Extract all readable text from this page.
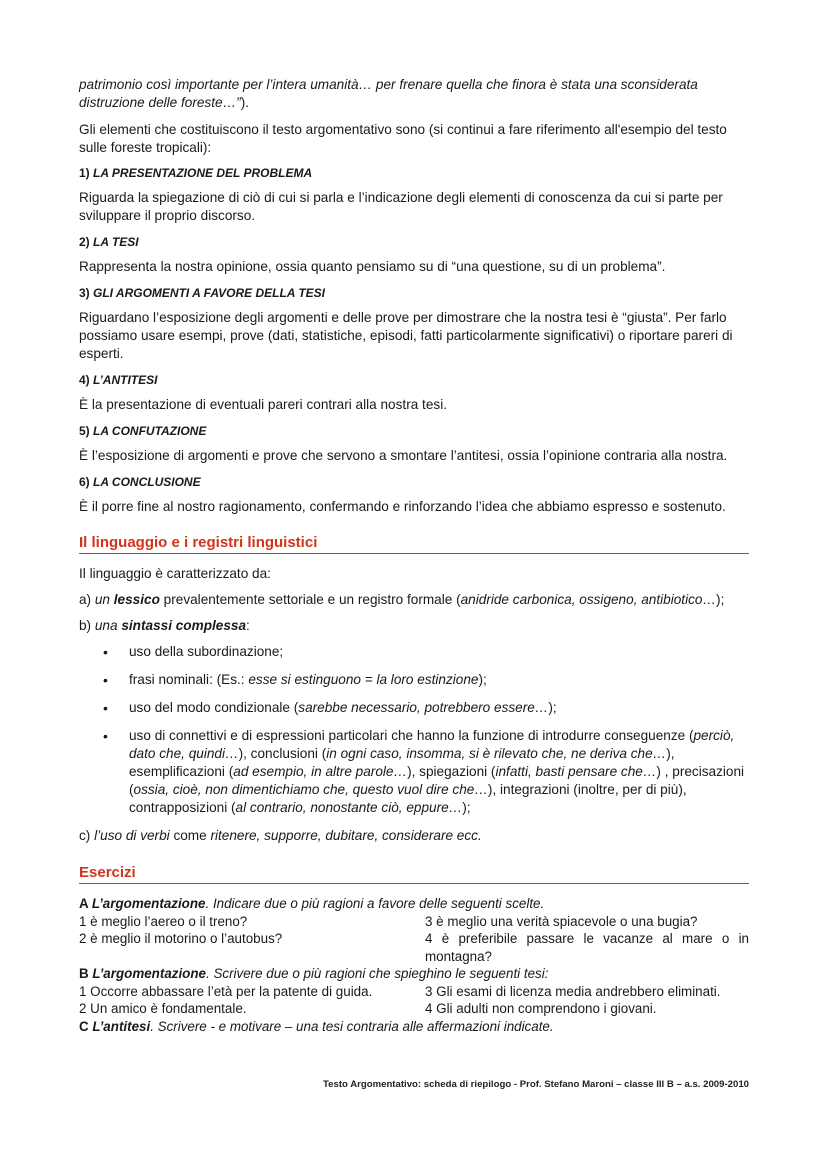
patrimonio così importante per l’intera umanità… per frenare quella che finora è stata una sconsiderata distruzione delle foreste…”).

Gli elementi che costituiscono il testo argomentativo sono (si continui a fare riferimento all'esempio del testo sulle foreste tropicali):

1) LA PRESENTAZIONE DEL PROBLEMA

Riguarda la spiegazione di ciò di cui si parla e l’indicazione degli elementi di conoscenza da cui si parte per sviluppare il proprio discorso.

2) LA TESI

Rappresenta la nostra opinione, ossia quanto pensiamo su di “una questione, su di un problema”.

3) GLI ARGOMENTI A FAVORE DELLA TESI

Riguardano l’esposizione degli argomenti e delle prove per dimostrare che la nostra tesi è “giusta”. Per farlo possiamo usare esempi, prove (dati, statistiche, episodi, fatti particolarmente significativi) o riportare pareri di esperti.

4) L’ANTITESI

È la presentazione di eventuali pareri contrari alla nostra tesi.

5) LA CONFUTAZIONE

È l’esposizione di argomenti e prove che servono a smontare l’antitesi, ossia l’opinione contraria alla nostra.

6) LA CONCLUSIONE

È il porre fine al nostro ragionamento, confermando e rinforzando l’idea che abbiamo espresso e sostenuto.

Il linguaggio e i registri linguistici

Il linguaggio è caratterizzato da:

a) un lessico prevalentemente settoriale e un registro formale (anidride carbonica, ossigeno, antibiotico…);

b) una sintassi complessa:

• uso della subordinazione;
• frasi nominali: (Es.: esse si estinguono = la loro estinzione);
• uso del modo condizionale (sarebbe necessario, potrebbero essere…);
• uso di connettivi e di espressioni particolari che hanno la funzione di introdurre conseguenze (perciò, dato che, quindi…), conclusioni (in ogni caso, insomma, si è rilevato che, ne deriva che…), esemplificazioni (ad esempio, in altre parole…), spiegazioni (infatti, basti pensare che…) , precisazioni (ossia, cioè, non dimentichiamo che, questo vuol dire che…), integrazioni (inoltre, per di più), contrapposizioni (al contrario, nonostante ciò, eppure…);

c) l’uso di verbi come ritenere, supporre, dubitare, considerare ecc.

Esercizi

A L’argomentazione. Indicare due o più ragioni a favore delle seguenti scelte.

1 è meglio l’aereo o il treno?	3 è meglio una verità spiacevole o una bugia?
2 è meglio il motorino o l’autobus?	4 è preferibile passare le vacanze al mare o in montagna?

B L’argomentazione. Scrivere due o più ragioni che spieghino le seguenti tesi:

1 Occorre abbassare l’età per la patente di guida.	3 Gli esami di licenza media andrebbero eliminati.
2 Un amico è fondamentale.	4 Gli adulti non comprendono i giovani.

C L’antitesi. Scrivere - e motivare – una tesi contraria alle affermazioni indicate.

Testo Argomentativo: scheda di riepilogo - Prof. Stefano Maroni – classe III B – a.s. 2009-2010
